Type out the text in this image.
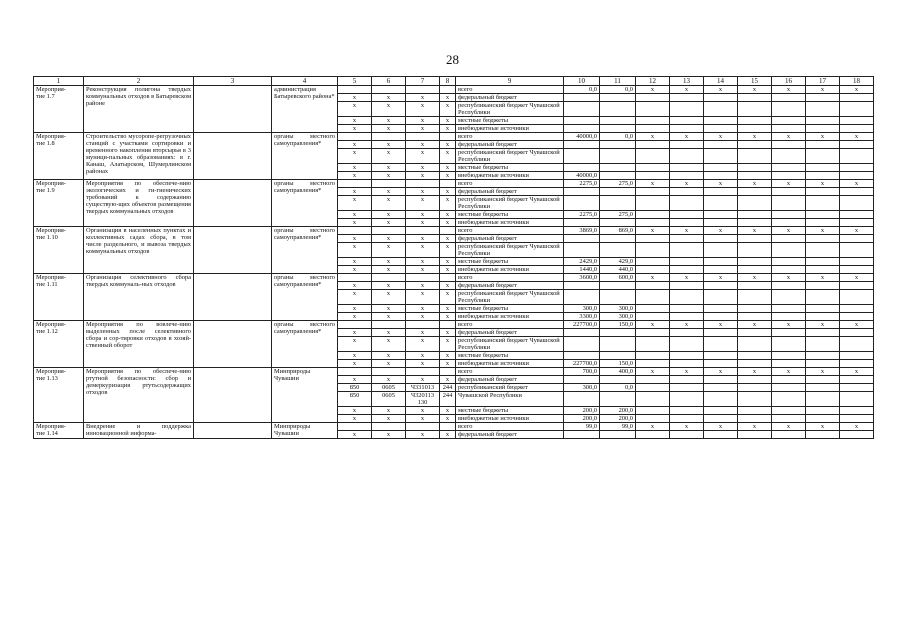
28
1	2	3	4	5	6	7	8	9	10	11	12	13	14	15	16	17	18
Мероприя-
тие 1.7	Реконструкция полигона твердых коммунальных отходов в Батыревском районе		администрация Батыревского района*					всего	0,0	0,0	х	х	х	х	х	х	х
				х	х	х	х	федеральный бюджет									
				х	х	х	х	республиканский бюджет Чувашской Республики									
				х	х	х	х	местные бюджеты									
				х	х	х	х	внебюджетные источники									
Мероприя-
тие 1.8	Строительство мусоропе-регрузочных станций с участками сортировки и временного накопления вторсырья в 3 муници-пальных образованиях: в г. Канаш, Алатырском, Шумерлинском районах		органы местного самоуправления*					всего	40000,0	0,0	х	х	х	х	х	х	х
				х	х	х	х	федеральный бюджет									
				х	х	х	х	республиканский бюджет Чувашской Республики									
				х	х	х	х	местные бюджеты									
				х	х	х	х	внебюджетные источники	40000,0								
Мероприя-
тие 1.9	Мероприятия по обеспече-нию экологических и ги-гиенических требований к содержанию существую-щих объектов размещения твердых коммунальных отходов		органы местного самоуправления*					всего	2275,0	275,0	х	х	х	х	х	х	х
				х	х	х	х	федеральный бюджет									
				х	х	х	х	республиканский бюджет Чувашской Республики									
				х	х	х	х	местные бюджеты	2275,0	275,0							
				х	х	х	х	внебюджетные источники									
Мероприя-
тие 1.10	Организация в населенных пунктах и коллективных садах сбора, в том числе раздельного, и вывоза твердых коммунальных отходов		органы местного самоуправления*					всего	3869,0	869,0	х	х	х	х	х	х	х
				х	х	х	х	федеральный бюджет									
				х	х	х	х	республиканский бюджет Чувашской Республики									
				х	х	х	х	местные бюджеты	2429,0	429,0							
				х	х	х	х	внебюджетные источники	1440,0	440,0							
Мероприя-
тие 1.11	Организация селективного сбора твердых коммуналь-ных отходов		органы местного самоуправления*					всего	3600,0	600,0	х	х	х	х	х	х	х
				х	х	х	х	федеральный бюджет									
				х	х	х	х	республиканский бюджет Чувашской Республики									
				х	х	х	х	местные бюджеты	300,0	300,0							
				х	х	х	х	внебюджетные источники	3300,0	300,0							
Мероприя-
тие 1.12	Мероприятия по вовлече-нию выделенных после селективного сбора и сор-тировки отходов в хозяй-ственный оборот		органы местного самоуправления*					всего	227700,0	150,0	х	х	х	х	х	х	х
				х	х	х	х	федеральный бюджет									
				х	х	х	х	республиканский бюджет Чувашской Республики									
				х	х	х	х	местные бюджеты									
				х	х	х	х	внебюджетные источники	227700,0	150,0							
Мероприя-
тие 1.13	Мероприятия по обеспече-нию ртутной безопасности: сбор и демеркуризация ртутьсодержащих отходов		Минприроды Чувашии					всего	700,0	400,0	х	х	х	х	х	х	х
				х	х	х	х	федеральный бюджет									
				850	0605	Ч331013	244	республиканский бюджет	300,0	0,0							
				850	0605	Ч320113 130	244	Чувашской Республики									
				х	х	х	х	местные бюджеты	200,0	200,0							
				х	х	х	х	внебюджетные источники	200,0	200,0							
Мероприя-
тие 1.14	Внедрение и поддержка инновационной информа-		Минприроды Чувашии					всего	99,0	99,0	х	х	х	х	х	х	х
				х	х	х	х	федеральный бюджет									
